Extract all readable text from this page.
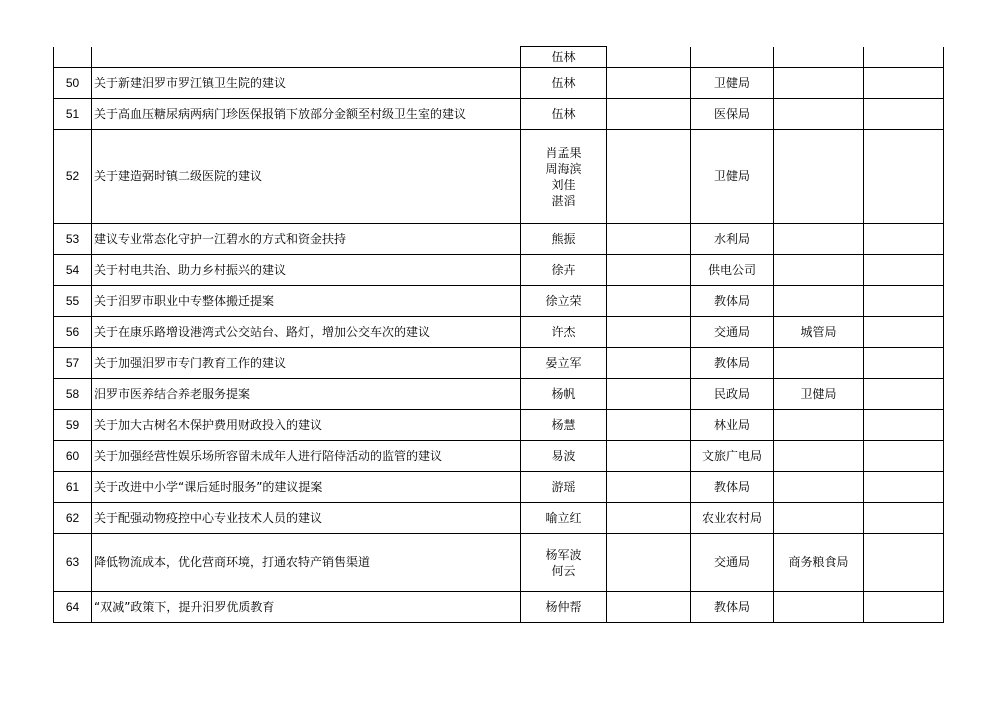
		伍林				

50	关于新建汨罗市罗江镇卫生院的建议	伍林		卫健局		
51	关于高血压糖尿病两病门珍医保报销下放部分金额至村级卫生室的建议	伍林		医保局		
52	关于建造弼时镇二级医院的建议	肖孟果
周海滨
刘佳
湛滔		卫健局		
53	建议专业常态化守护一江碧水的方式和资金扶持	熊振		水利局		
54	关于村电共治、助力乡村振兴的建议	徐卉		供电公司		
55	关于汨罗市职业中专整体搬迁提案	徐立荣		教体局		
56	关于在康乐路增设港湾式公交站台、路灯，增加公交车次的建议	许杰		交通局	城管局	
57	关于加强汨罗市专门教育工作的建议	晏立军		教体局		
58	汨罗市医养结合养老服务提案	杨帆		民政局	卫健局	
59	关于加大古树名木保护费用财政投入的建议	杨慧		林业局		
60	关于加强经营性娱乐场所容留未成年人进行陪侍活动的监管的建议	易波		文旅广电局		
61	关于改进中小学“课后延时服务”的建议提案	游瑶		教体局		
62	关于配强动物疫控中心专业技术人员的建议	喻立红		农业农村局		
63	降低物流成本，优化营商环境，打通农特产销售渠道	杨军波
何云		交通局	商务粮食局	
64	“双减”政策下，提升汨罗优质教育	杨仲帮		教体局		
